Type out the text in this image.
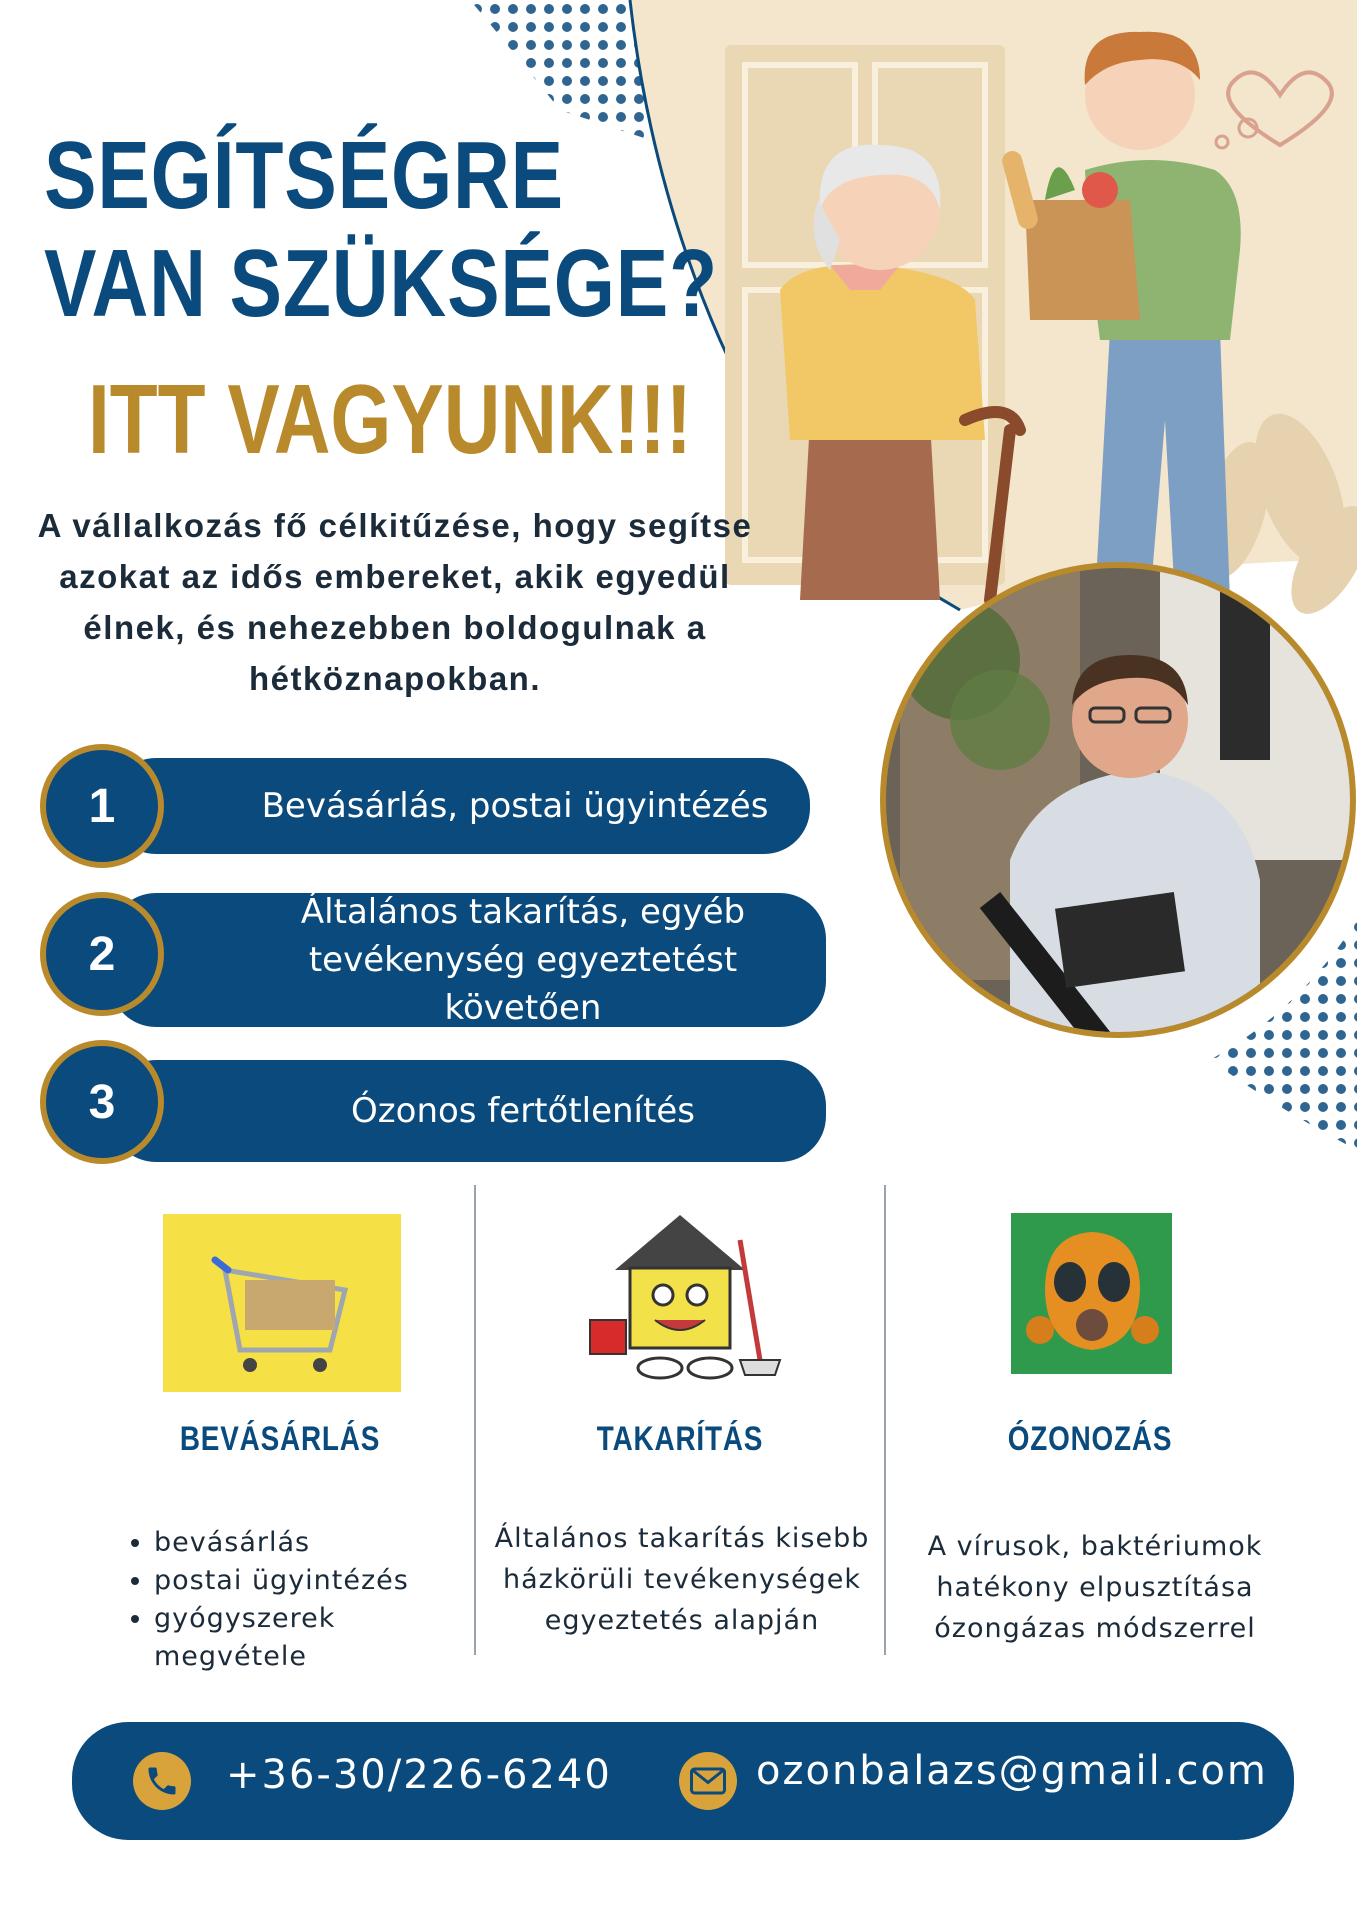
SEGÍTSÉGRE
VAN SZÜKSÉGE?
ITT VAGYUNK!!!
A vállalkozás fő célkitűzése, hogy segítse azokat az idős embereket, akik egyedül élnek, és nehezebben boldogulnak a hétköznapokban.
Bevásárlás, postai ügyintézés
1
Általános takarítás, egyéb tevékenység egyeztetést követően
2
Ózonos fertőtlenítés
3
BEVÁSÁRLÁS
• bevásárlás
• postai ügyintézés
• gyógyszerek megvétele
TAKARÍTÁS
Általános takarítás kisebb házkörüli tevékenységek egyeztetés alapján
ÓZONOZÁS
A vírusok, baktériumok hatékony elpusztítása ózongázas módszerrel
+36-30/226-6240	ozonbalazs@gmail.com
